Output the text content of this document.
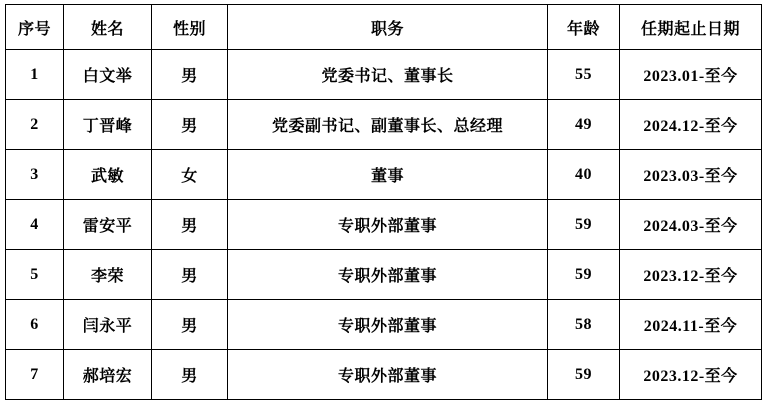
序号	姓名	性别	职务	年龄	任期起止日期
1	白文举	男	党委书记、董事长	55	2023.01-至今
2	丁晋峰	男	党委副书记、副董事长、总经理	49	2024.12-至今
3	武敏	女	董事	40	2023.03-至今
4	雷安平	男	专职外部董事	59	2024.03-至今
5	李荣	男	专职外部董事	59	2023.12-至今
6	闫永平	男	专职外部董事	58	2024.11-至今
7	郝培宏	男	专职外部董事	59	2023.12-至今
